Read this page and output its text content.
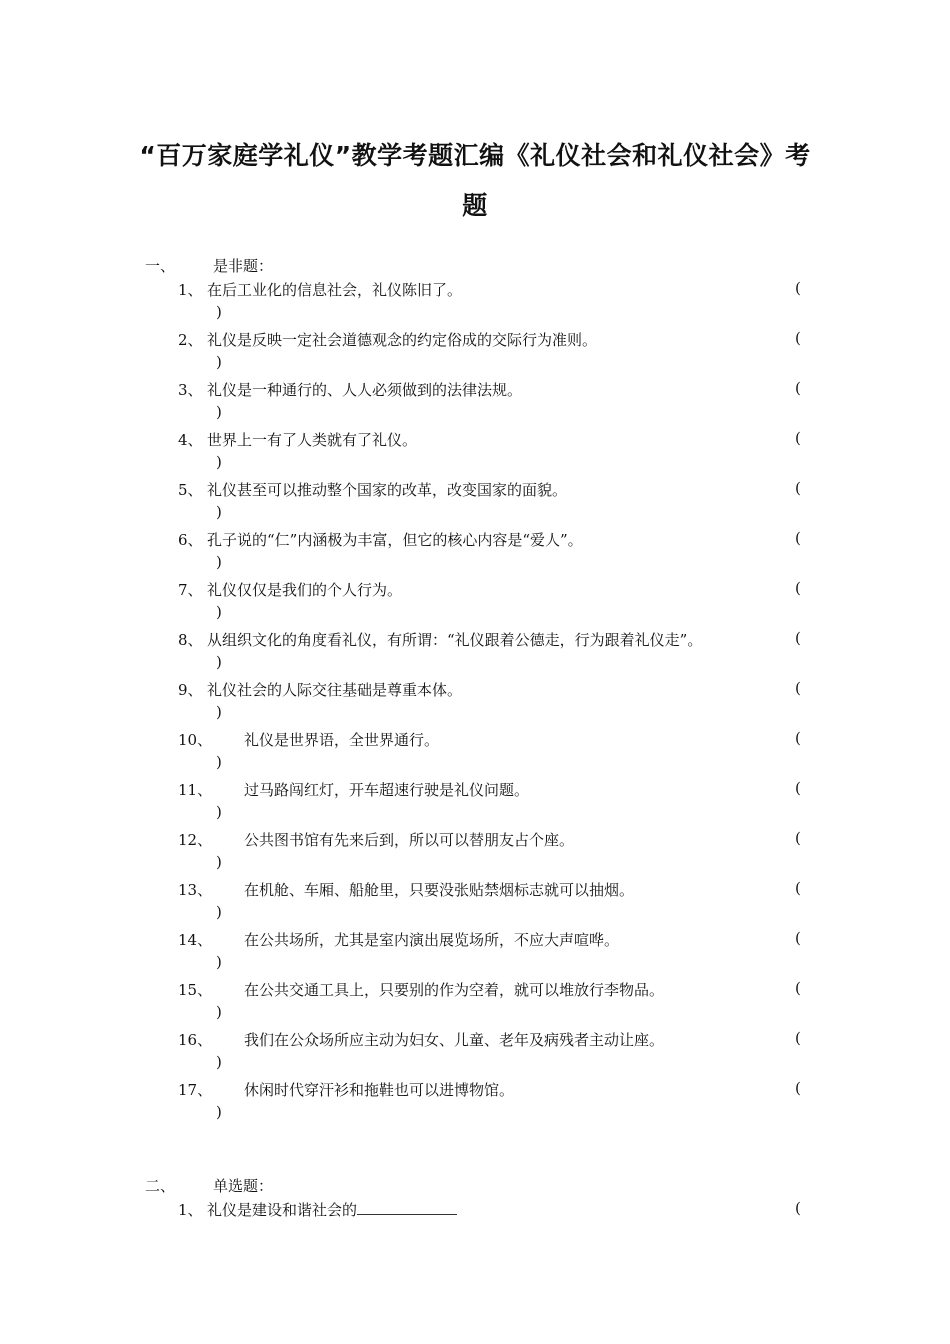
“百万家庭学礼仪”教学考题汇编《礼仪社会和礼仪社会》考
题
一、	是非题：
1、 在后工业化的信息社会，礼仪陈旧了。	(
)
2、 礼仪是反映一定社会道德观念的约定俗成的交际行为准则。	(
)
3、 礼仪是一种通行的、人人必须做到的法律法规。	(
)
4、 世界上一有了人类就有了礼仪。	(
)
5、 礼仪甚至可以推动整个国家的改革，改变国家的面貌。	(
)
6、 孔子说的“仁”内涵极为丰富，但它的核心内容是“爱人”。	(
)
7、 礼仪仅仅是我们的个人行为。	(
)
8、 从组织文化的角度看礼仪，有所谓：“礼仪跟着公德走，行为跟着礼仪走”。	(
)
9、 礼仪社会的人际交往基础是尊重本体。	(
)
10、 礼仪是世界语，全世界通行。	(
)
11、 过马路闯红灯，开车超速行驶是礼仪问题。	(
)
12、 公共图书馆有先来后到，所以可以替朋友占个座。	(
)
13、 在机舱、车厢、船舱里，只要没张贴禁烟标志就可以抽烟。	(
)
14、 在公共场所，尤其是室内演出展览场所，不应大声喧哗。	(
)
15、 在公共交通工具上，只要别的作为空着，就可以堆放行李物品。	(
)
16、 我们在公众场所应主动为妇女、儿童、老年及病残者主动让座。	(
)
17、 休闲时代穿汗衫和拖鞋也可以进博物馆。	(
)
二、	单选题：
1、 礼仪是建设和谐社会的	(
